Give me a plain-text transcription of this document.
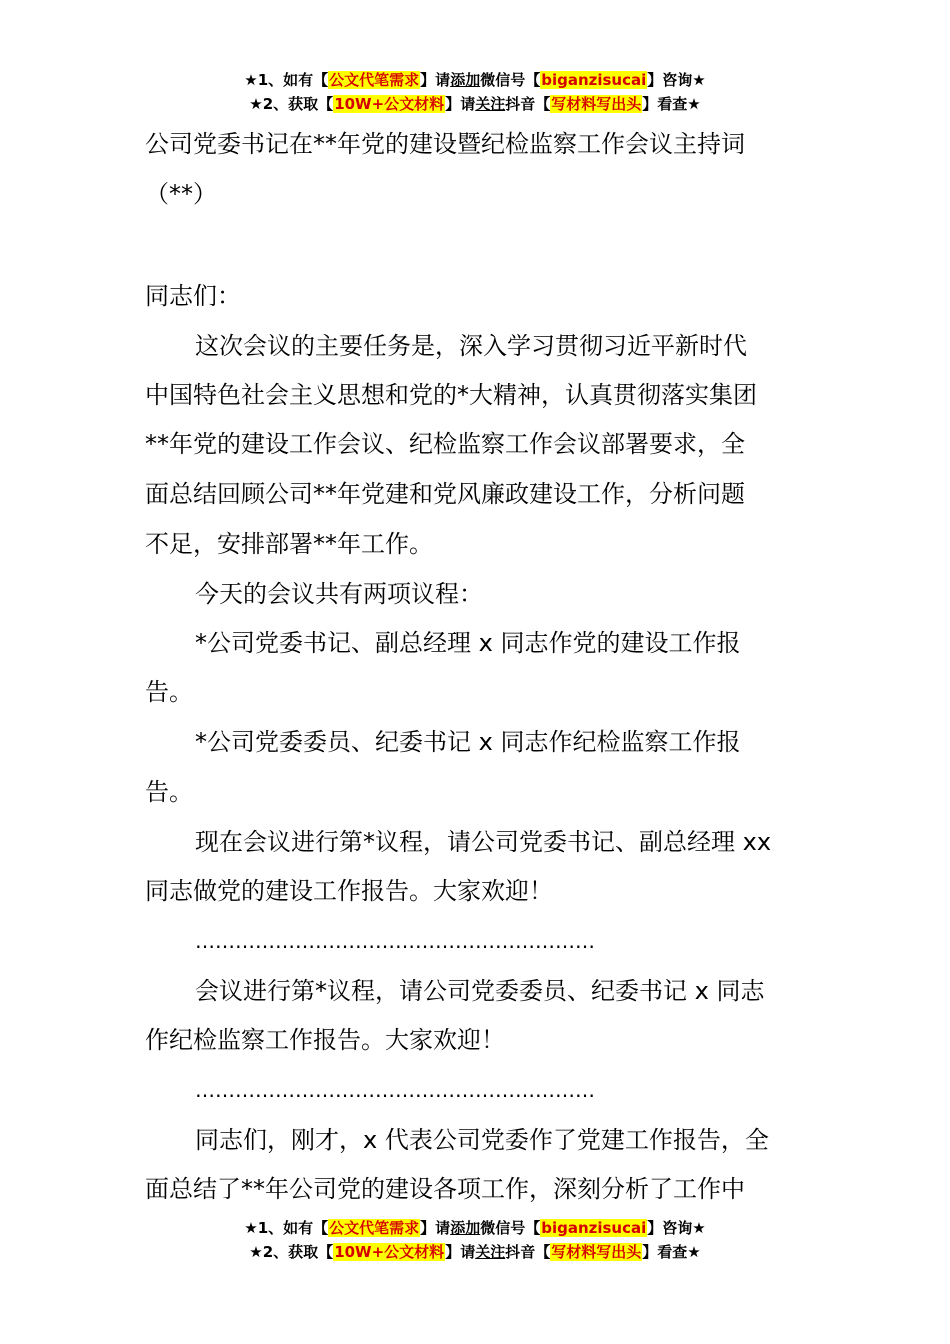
★1、如有【公文代笔需求】请添加微信号【biganzisucai】咨询★
★2、获取【10W+公文材料】请关注抖音【写材料写出头】看查★
公司党委书记在**年党的建设暨纪检监察工作会议主持词
（**）
同志们：
这次会议的主要任务是，深入学习贯彻习近平新时代
中国特色社会主义思想和党的*大精神，认真贯彻落实集团
**年党的建设工作会议、纪检监察工作会议部署要求，全
面总结回顾公司**年党建和党风廉政建设工作，分析问题
不足，安排部署**年工作。
今天的会议共有两项议程：
*公司党委书记、副总经理 x 同志作党的建设工作报
告。
*公司党委委员、纪委书记 x 同志作纪检监察工作报
告。
现在会议进行第*议程，请公司党委书记、副总经理 xx
同志做党的建设工作报告。大家欢迎！
……………………………………………………
会议进行第*议程，请公司党委委员、纪委书记 x 同志
作纪检监察工作报告。大家欢迎！
……………………………………………………
同志们，刚才，x 代表公司党委作了党建工作报告，全
面总结了**年公司党的建设各项工作，深刻分析了工作中
★1、如有【公文代笔需求】请添加微信号【biganzisucai】咨询★
★2、获取【10W+公文材料】请关注抖音【写材料写出头】看查★
